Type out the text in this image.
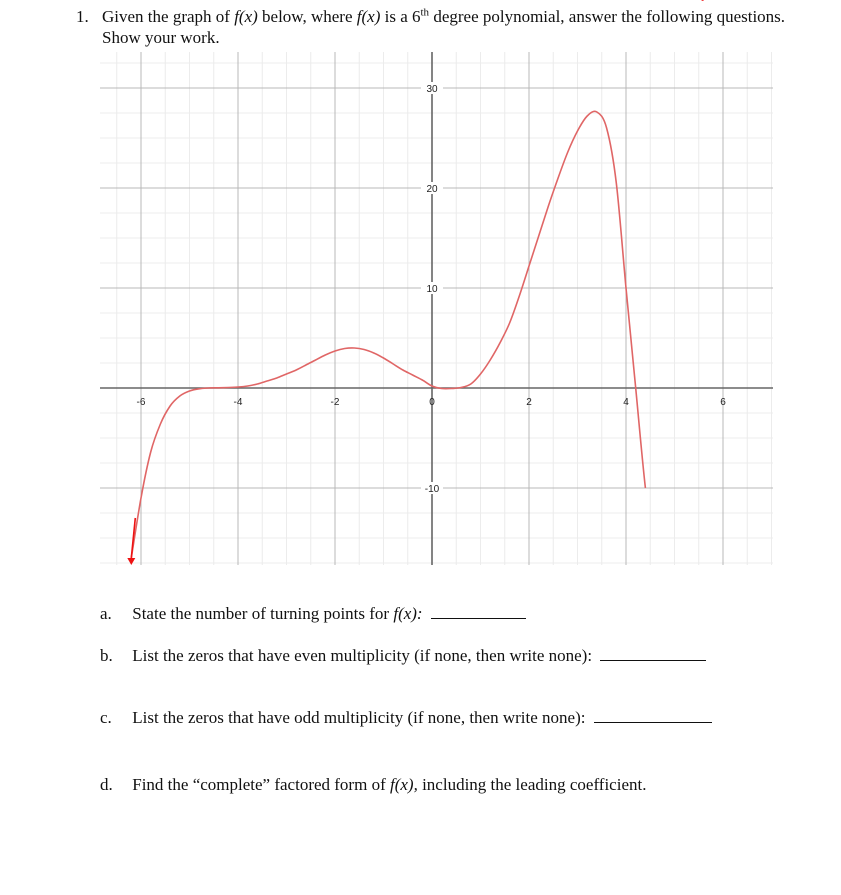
1. Given the graph of f(x) below, where f(x) is a 6th degree polynomial, answer the following questions. Show your work.
-6	-4	-2	0	2	4	6
30
20
10
-10
a. State the number of turning points for f(x):
b. List the zeros that have even multiplicity (if none, then write none):
c. List the zeros that have odd multiplicity (if none, then write none):
d. Find the “complete” factored form of f(x), including the leading coefficient.
